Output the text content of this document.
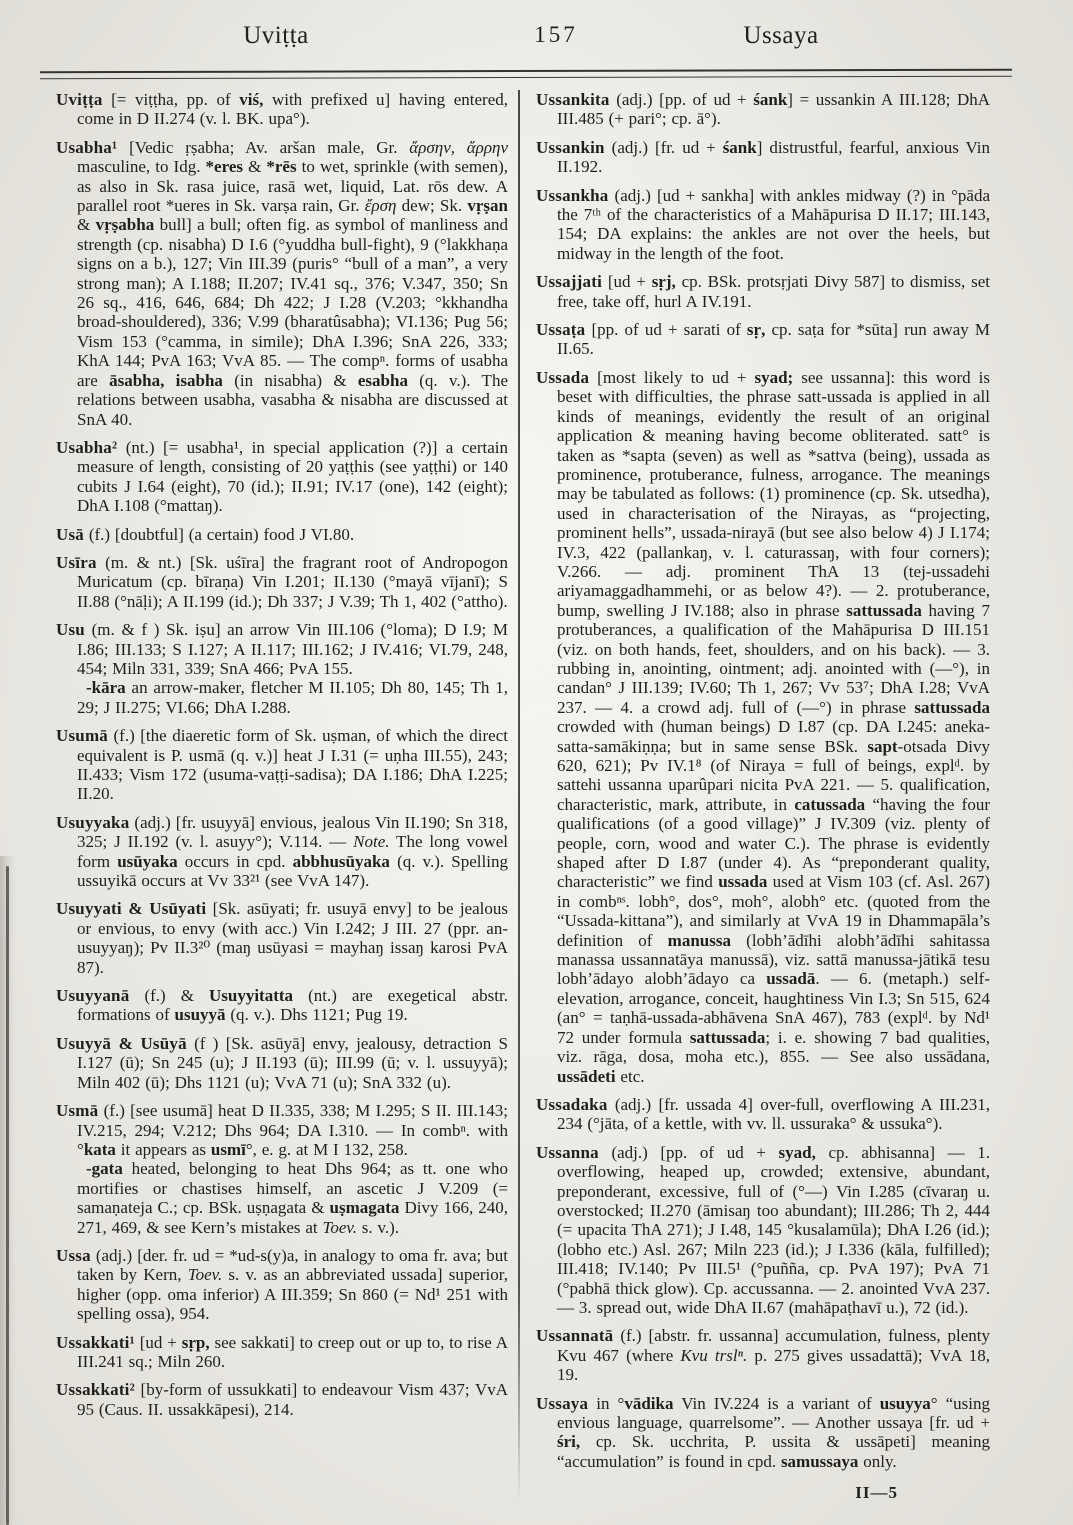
Uviṭṭa	157	Ussaya

Uviṭṭa [= viṭṭha, pp. of viś, with prefixed u] having entered, come in D II.274 (v. l. BK. upa°).

Usabha¹ [Vedic ṛṣabha; Av. aršan male, Gr. ἄρσην, ἄρρην masculine, to Idg. *eres & *rēs to wet, sprinkle (with semen), as also in Sk. rasa juice, rasā wet, liquid, Lat. rōs dew. A parallel root *ueres in Sk. varṣa rain, Gr. ἔρση dew; Sk. vṛṣan & vṛṣabha bull] a bull; often fig. as symbol of manliness and strength (cp. nisabha) D I.6 (°yuddha bull-fight), 9 (°lakkhaṇa signs on a b.), 127; Vin III.39 (puris° “bull of a man”, a very strong man); A I.188; II.207; IV.41 sq., 376; V.347, 350; Sn 26 sq., 416, 646, 684; Dh 422; J I.28 (V.203; °kkhandha broad-shouldered), 336; V.99 (bharatûsabha); VI.136; Pug 56; Vism 153 (°camma, in simile); DhA I.396; SnA 226, 333; KhA 144; PvA 163; VvA 85. — The compⁿ. forms of usabha are āsabha, isabha (in nisabha) & esabha (q. v.). The relations between usabha, vasabha & nisabha are discussed at SnA 40.

Usabha² (nt.) [= usabha¹, in special application (?)] a certain measure of length, consisting of 20 yaṭṭhis (see yaṭṭhi) or 140 cubits J I.64 (eight), 70 (id.); II.91; IV.17 (one), 142 (eight); DhA I.108 (°mattaŋ).

Usā (f.) [doubtful] (a certain) food J VI.80.

Usīra (m. & nt.) [Sk. uśīra] the fragrant root of Andropogon Muricatum (cp. bīraṇa) Vin I.201; II.130 (°mayā vījanī); S II.88 (°nāḷi); A II.199 (id.); Dh 337; J V.39; Th 1, 402 (°attho).

Usu (m. & f ) Sk. iṣu] an arrow Vin III.106 (°loma); D I.9; M I.86; III.133; S I.127; A II.117; III.162; J IV.416; VI.79, 248, 454; Miln 331, 339; SnA 466; PvA 155.

-kāra an arrow-maker, fletcher M II.105; Dh 80, 145; Th 1, 29; J II.275; VI.66; DhA I.288.

Usumā (f.) [the diaeretic form of Sk. uṣman, of which the direct equivalent is P. usmā (q. v.)] heat J I.31 (= uṇha III.55), 243; II.433; Vism 172 (usuma-vaṭṭi-sadisa); DA I.186; DhA I.225; II.20.

Usuyyaka (adj.) [fr. usuyyā] envious, jealous Vin II.190; Sn 318, 325; J II.192 (v. l. asuyy°); V.114. — Note. The long vowel form usūyaka occurs in cpd. abbhusūyaka (q. v.). Spelling ussuyikā occurs at Vv 33²¹ (see VvA 147).

Usuyyati & Usūyati [Sk. asūyati; fr. usuyā envy] to be jealous or envious, to envy (with acc.) Vin I.242; J III. 27 (ppr. an-usuyyaŋ); Pv II.3²⁰ (maŋ usūyasi = mayhaŋ issaŋ karosi PvA 87).

Usuyyanā (f.) & Usuyyitatta (nt.) are exegetical abstr. formations of usuyyā (q. v.). Dhs 1121; Pug 19.

Usuyyā & Usūyā (f ) [Sk. asūyā] envy, jealousy, detraction S I.127 (ū); Sn 245 (u); J II.193 (ū); III.99 (ū; v. l. ussuyyā); Miln 402 (ū); Dhs 1121 (u); VvA 71 (u); SnA 332 (u).

Usmā (f.) [see usumā] heat D II.335, 338; M I.295; S II. III.143; IV.215, 294; V.212; Dhs 964; DA I.310. — In combⁿ. with °kata it appears as usmī°, e. g. at M I 132, 258.

-gata heated, belonging to heat Dhs 964; as tt. one who mortifies or chastises himself, an ascetic J V.209 (= samaṇateja C.; cp. BSk. uṣṇagata & uṣmagata Divy 166, 240, 271, 469, & see Kern’s mistakes at Toev. s. v.).

Ussa (adj.) [der. fr. ud = *ud-s(y)a, in analogy to oma fr. ava; but taken by Kern, Toev. s. v. as an abbreviated ussada] superior, higher (opp. oma inferior) A III.359; Sn 860 (= Nd¹ 251 with spelling ossa), 954.

Ussakkati¹ [ud + sṛp, see sakkati] to creep out or up to, to rise A III.241 sq.; Miln 260.

Ussakkati² [by-form of ussukkati] to endeavour Vism 437; VvA 95 (Caus. II. ussakkāpesi), 214.

Ussankita (adj.) [pp. of ud + śank] = ussankin A III.128; DhA III.485 (+ pari°; cp. ā°).

Ussankin (adj.) [fr. ud + śank] distrustful, fearful, anxious Vin II.192.

Ussankha (adj.) [ud + sankha] with ankles midway (?) in °pāda the 7ᵗʰ of the characteristics of a Mahāpurisa D II.17; III.143, 154; DA explains: the ankles are not over the heels, but midway in the length of the foot.

Ussajjati [ud + sṛj, cp. BSk. protsṛjati Divy 587] to dismiss, set free, take off, hurl A IV.191.

Ussaṭa [pp. of ud + sarati of sṛ, cp. saṭa for *sūta] run away M II.65.

Ussada [most likely to ud + syad; see ussanna]: this word is beset with difficulties, the phrase satt-ussada is applied in all kinds of meanings, evidently the result of an original application & meaning having become obliterated. satt° is taken as *sapta (seven) as well as *sattva (being), ussada as prominence, protuberance, fulness, arrogance. The meanings may be tabulated as follows: (1) prominence (cp. Sk. utsedha), used in characterisation of the Nirayas, as “projecting, prominent hells”, ussada-nirayā (but see also below 4) J I.174; IV.3, 422 (pallankaŋ, v. l. caturassaŋ, with four corners); V.266. — adj. prominent ThA 13 (tej-ussadehi ariyamaggadhammehi, or as below 4?). — 2. protuberance, bump, swelling J IV.188; also in phrase sattussada having 7 protuberances, a qualification of the Mahāpurisa D III.151 (viz. on both hands, feet, shoulders, and on his back). — 3. rubbing in, anointing, ointment; adj. anointed with (—°), in candan° J III.139; IV.60; Th 1, 267; Vv 53⁷; DhA I.28; VvA 237. — 4. a crowd adj. full of (—°) in phrase sattussada crowded with (human beings) D I.87 (cp. DA I.245: aneka-satta-samākiṇṇa; but in same sense BSk. sapt-otsada Divy 620, 621); Pv IV.1⁸ (of Niraya = full of beings, explᵈ. by sattehi ussanna uparûpari nicita PvA 221. — 5. qualification, characteristic, mark, attribute, in catussada “having the four qualifications (of a good village)” J IV.309 (viz. plenty of people, corn, wood and water C.). The phrase is evidently shaped after D I.87 (under 4). As “preponderant quality, characteristic” we find ussada used at Vism 103 (cf. Asl. 267) in combⁿˢ. lobh°, dos°, moh°, alobh° etc. (quoted from the “Ussada-kittana”), and similarly at VvA 19 in Dhammapāla’s definition of manussa (lobh’ādīhi alobh’ādīhi sahitassa manassa ussannatāya manussā), viz. sattā manussa-jātikā tesu lobh’ādayo alobh’ādayo ca ussadā. — 6. (metaph.) self-elevation, arrogance, conceit, haughtiness Vin I.3; Sn 515, 624 (an° = taṇhā-ussada-abhāvena SnA 467), 783 (explᵈ. by Nd¹ 72 under formula sattussada; i. e. showing 7 bad qualities, viz. rāga, dosa, moha etc.), 855. — See also ussādana, ussādeti etc.

Ussadaka (adj.) [fr. ussada 4] over-full, overflowing A III.231, 234 (°jāta, of a kettle, with vv. ll. ussuraka° & ussuka°).

Ussanna (adj.) [pp. of ud + syad, cp. abhisanna] — 1. overflowing, heaped up, crowded; extensive, abundant, preponderant, excessive, full of (°—) Vin I.285 (cīvaraŋ u. overstocked; II.270 (āmisaŋ too abundant); III.286; Th 2, 444 (= upacita ThA 271); J I.48, 145 °kusalamūla); DhA I.26 (id.); (lobho etc.) Asl. 267; Miln 223 (id.); J I.336 (kāla, fulfilled); III.418; IV.140; Pv III.5¹ (°puñña, cp. PvA 197); PvA 71 (°pabhā thick glow). Cp. accussanna. — 2. anointed VvA 237. — 3. spread out, wide DhA II.67 (mahāpaṭhavī u.), 72 (id.).

Ussannatā (f.) [abstr. fr. ussanna] accumulation, fulness, plenty Kvu 467 (where Kvu trslⁿ. p. 275 gives ussadattā); VvA 18, 19.

Ussaya in °vādika Vin IV.224 is a variant of usuyya° “using envious language, quarrelsome”. — Another ussaya [fr. ud + śri, cp. Sk. ucchrita, P. ussita & ussāpeti] meaning “accumulation” is found in cpd. samussaya only.

II—5
